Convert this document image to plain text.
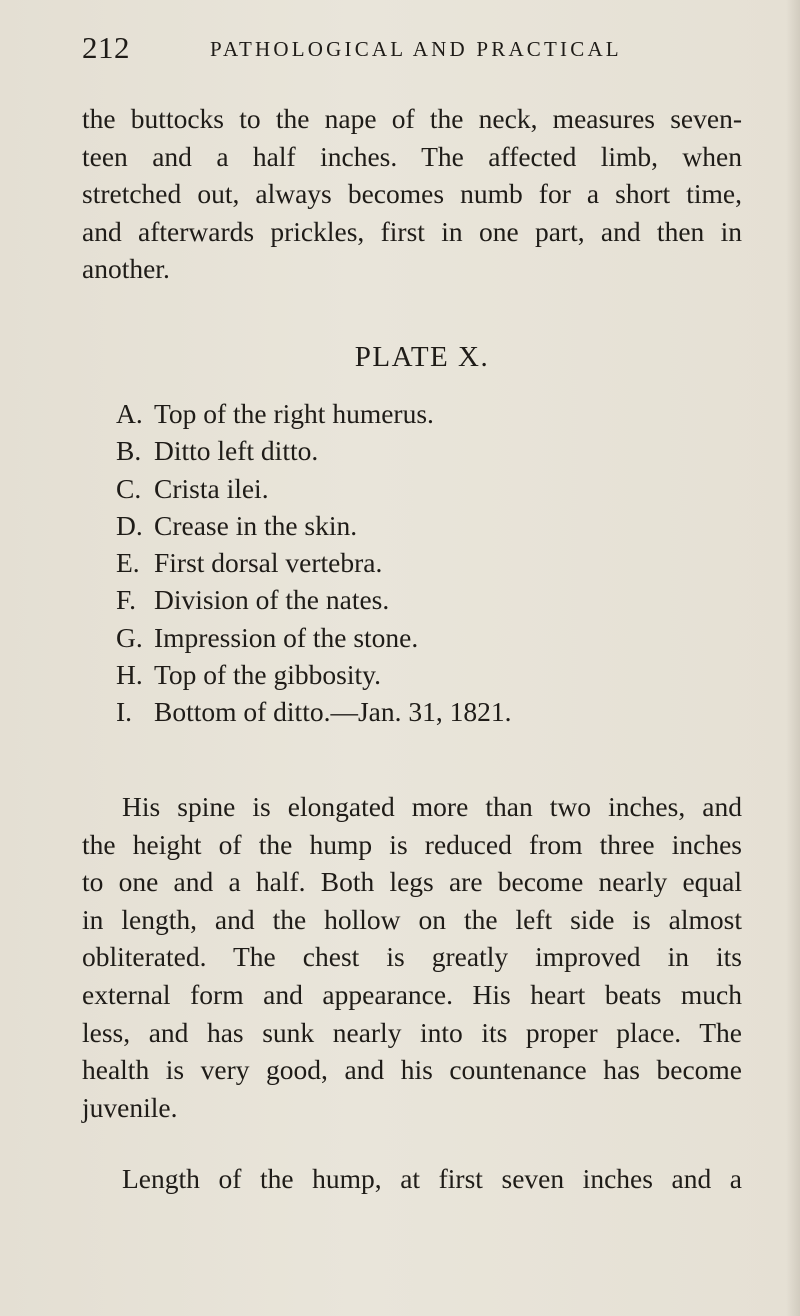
212	PATHOLOGICAL AND PRACTICAL

the buttocks to the nape of the neck, measures seven-
teen and a half inches. The affected limb, when
stretched out, always becomes numb for a short time,
and afterwards prickles, first in one part, and then in
another.

PLATE X.
A. Top of the right humerus.
B. Ditto left ditto.
C. Crista ilei.
D. Crease in the skin.
E. First dorsal vertebra.
F. Division of the nates.
G. Impression of the stone.
H. Top of the gibbosity.
I. Bottom of ditto.—Jan. 31, 1821.

His spine is elongated more than two inches, and
the height of the hump is reduced from three inches
to one and a half. Both legs are become nearly equal
in length, and the hollow on the left side is almost
obliterated. The chest is greatly improved in its
external form and appearance. His heart beats much
less, and has sunk nearly into its proper place. The
health is very good, and his countenance has become
juvenile.

Length of the hump, at first seven inches and a
